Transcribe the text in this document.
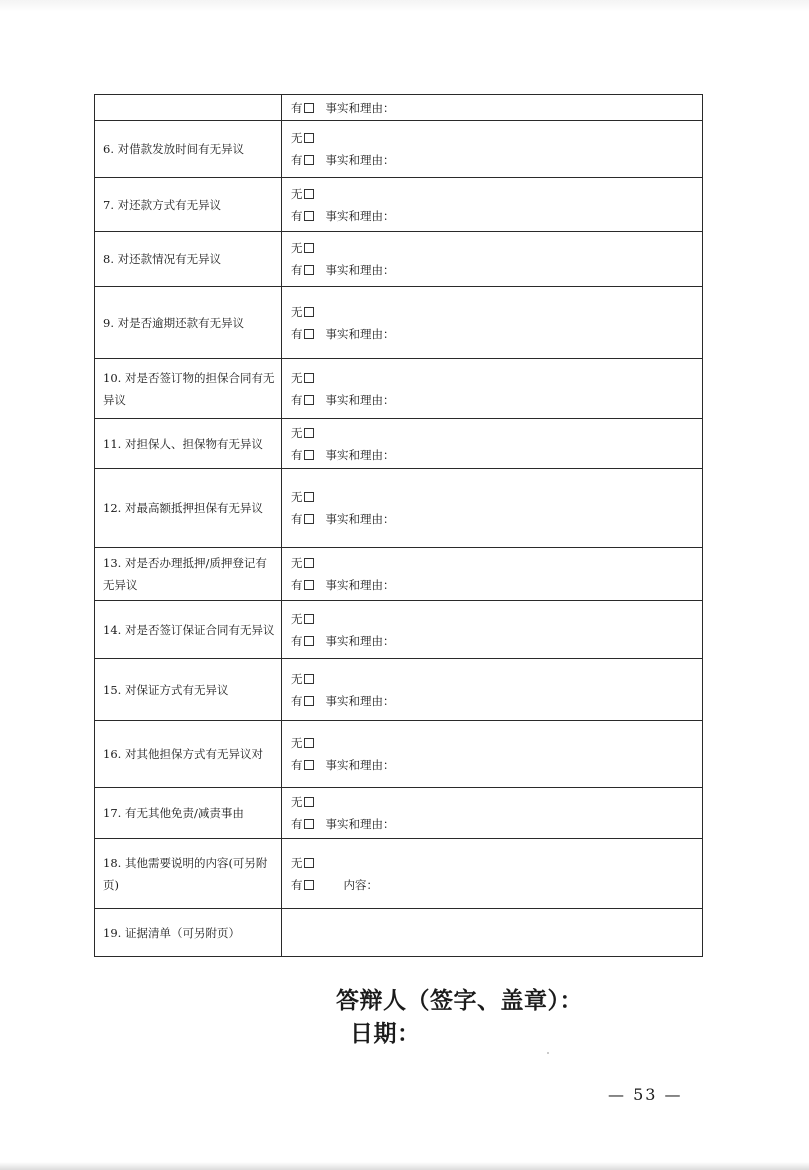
	有 事实和理由：

6. 对借款发放时间有无异议	无
有 事实和理由：

7. 对还款方式有无异议	无
有 事实和理由：

8. 对还款情况有无异议	无
有 事实和理由：

9. 对是否逾期还款有无异议	无
有 事实和理由：

10. 对是否签订物的担保合同有无异议	无
有 事实和理由：

11. 对担保人、担保物有无异议	无
有 事实和理由：

12. 对最高额抵押担保有无异议	无
有 事实和理由：

13. 对是否办理抵押/质押登记有无异议	无
有 事实和理由：

14. 对是否签订保证合同有无异议	无
有 事实和理由：

15. 对保证方式有无异议	无
有 事实和理由：

16. 对其他担保方式有无异议对	无
有 事实和理由：

17. 有无其他免责/减责事由	无
有 事实和理由：

18. 其他需要说明的内容(可另附页)	无
有 内容：

19. 证据清单（可另附页）	
答辩人（签字、盖章）：
日期：
— 53 —
